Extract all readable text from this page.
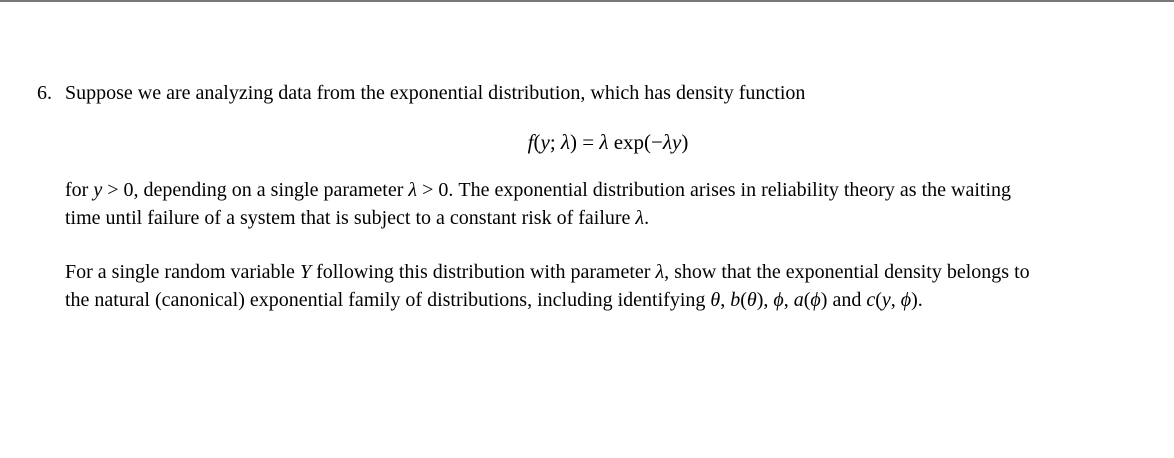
6. Suppose we are analyzing data from the exponential distribution, which has density function
f(y; λ) = λ exp(−λy)
for y > 0, depending on a single parameter λ > 0. The exponential distribution arises in reliability theory as the waiting
time until failure of a system that is subject to a constant risk of failure λ.
For a single random variable Y following this distribution with parameter λ, show that the exponential density belongs to
the natural (canonical) exponential family of distributions, including identifying θ, b(θ), ϕ, a(ϕ) and c(y, ϕ).
